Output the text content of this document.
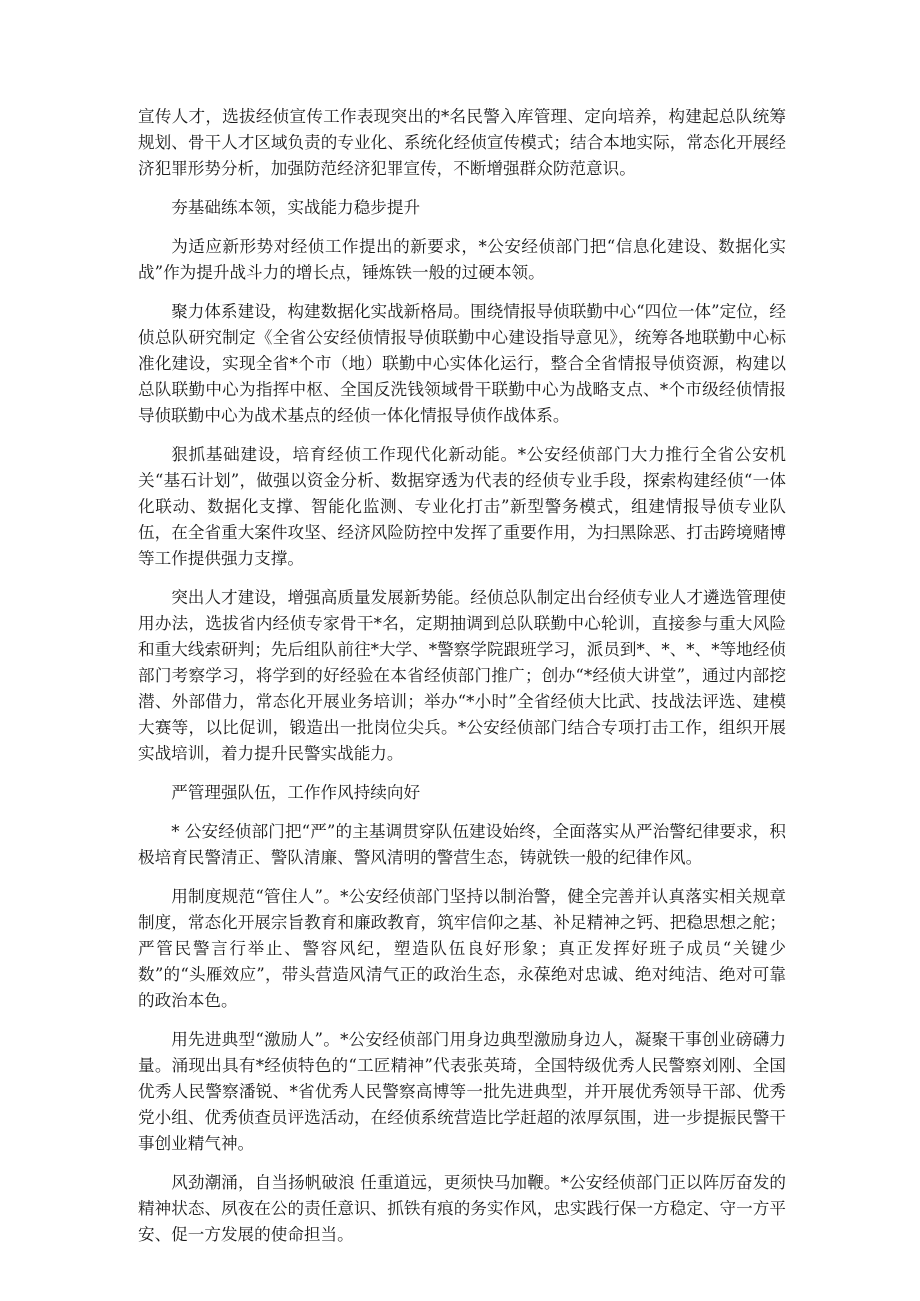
宣传人才，选拔经侦宣传工作表现突出的*名民警入库管理、定向培养，构建起总队统筹规划、骨干人才区域负责的专业化、系统化经侦宣传模式；结合本地实际，常态化开展经济犯罪形势分析，加强防范经济犯罪宣传，不断增强群众防范意识。

夯基础练本领，实战能力稳步提升

为适应新形势对经侦工作提出的新要求，*公安经侦部门把“信息化建设、数据化实战”作为提升战斗力的增长点，锤炼铁一般的过硬本领。

聚力体系建设，构建数据化实战新格局。围绕情报导侦联勤中心“四位一体”定位，经侦总队研究制定《全省公安经侦情报导侦联勤中心建设指导意见》，统筹各地联勤中心标准化建设，实现全省*个市（地）联勤中心实体化运行，整合全省情报导侦资源，构建以总队联勤中心为指挥中枢、全国反洗钱领域骨干联勤中心为战略支点、*个市级经侦情报导侦联勤中心为战术基点的经侦一体化情报导侦作战体系。

狠抓基础建设，培育经侦工作现代化新动能。*公安经侦部门大力推行全省公安机关“基石计划”，做强以资金分析、数据穿透为代表的经侦专业手段，探索构建经侦“一体化联动、数据化支撑、智能化监测、专业化打击”新型警务模式，组建情报导侦专业队伍，在全省重大案件攻坚、经济风险防控中发挥了重要作用，为扫黑除恶、打击跨境赌博等工作提供强力支撑。

突出人才建设，增强高质量发展新势能。经侦总队制定出台经侦专业人才遴选管理使用办法，选拔省内经侦专家骨干*名，定期抽调到总队联勤中心轮训，直接参与重大风险和重大线索研判；先后组队前往*大学、*警察学院跟班学习，派员到*、*、*、*等地经侦部门考察学习，将学到的好经验在本省经侦部门推广；创办“*经侦大讲堂”，通过内部挖潜、外部借力，常态化开展业务培训；举办“*小时”全省经侦大比武、技战法评选、建模大赛等，以比促训，锻造出一批岗位尖兵。*公安经侦部门结合专项打击工作，组织开展实战培训，着力提升民警实战能力。

严管理强队伍，工作作风持续向好

* 公安经侦部门把“严”的主基调贯穿队伍建设始终，全面落实从严治警纪律要求，积极培育民警清正、警队清廉、警风清明的警营生态，铸就铁一般的纪律作风。

用制度规范“管住人”。*公安经侦部门坚持以制治警，健全完善并认真落实相关规章制度，常态化开展宗旨教育和廉政教育，筑牢信仰之基、补足精神之钙、把稳思想之舵；严管民警言行举止、警容风纪，塑造队伍良好形象；真正发挥好班子成员“关键少数”的“头雁效应”，带头营造风清气正的政治生态，永葆绝对忠诚、绝对纯洁、绝对可靠的政治本色。

用先进典型“激励人”。*公安经侦部门用身边典型激励身边人，凝聚干事创业磅礴力量。涌现出具有*经侦特色的“工匠精神”代表张英琦，全国特级优秀人民警察刘刚、全国优秀人民警察潘锐、*省优秀人民警察高博等一批先进典型，并开展优秀领导干部、优秀党小组、优秀侦查员评选活动，在经侦系统营造比学赶超的浓厚氛围，进一步提振民警干事创业精气神。

风劲潮涌，自当扬帆破浪 任重道远，更须快马加鞭。*公安经侦部门正以阵厉奋发的精神状态、夙夜在公的责任意识、抓铁有痕的务实作风，忠实践行保一方稳定、守一方平安、促一方发展的使命担当。
